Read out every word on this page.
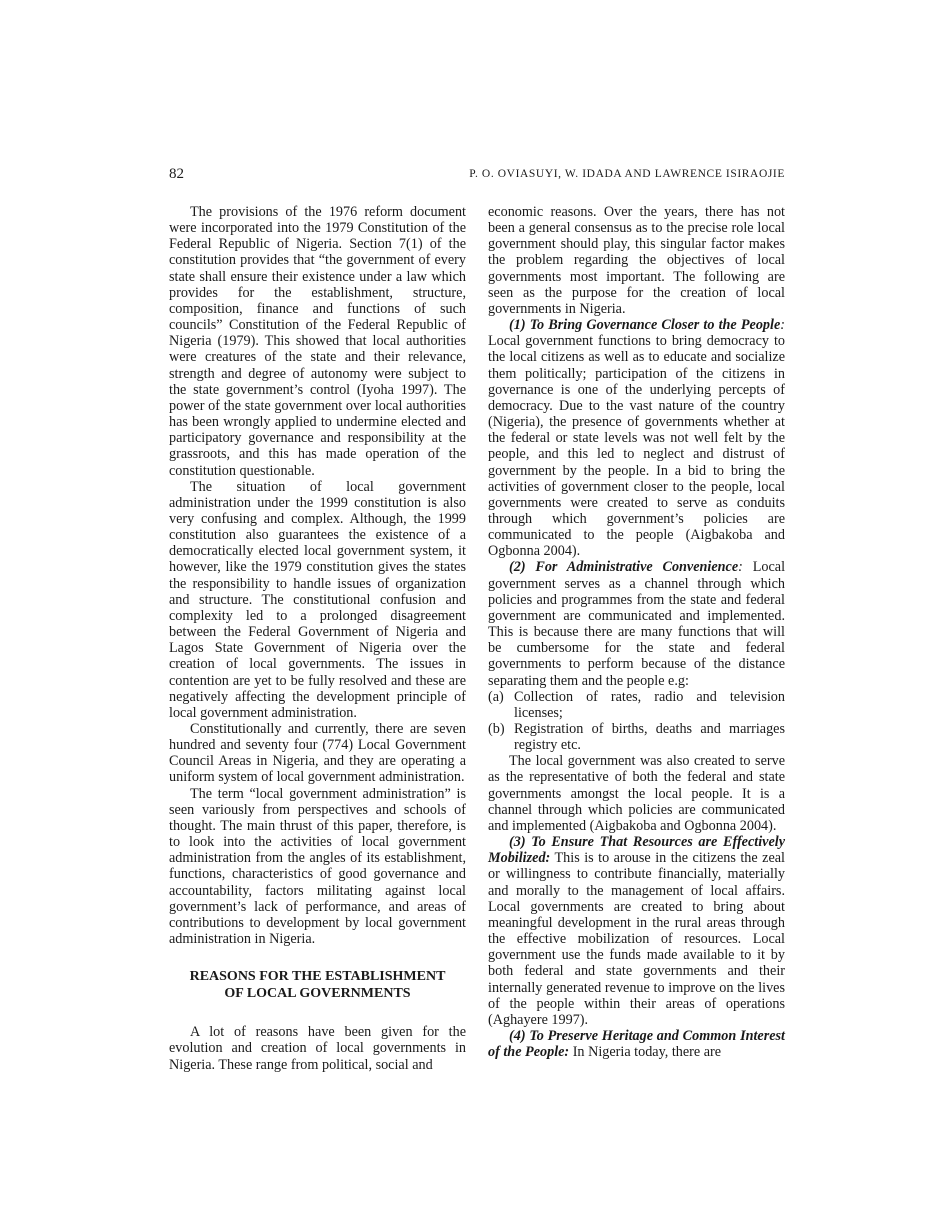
82	P. O. OVIASUYI, W. IDADA AND LAWRENCE ISIRAOJIE

The provisions of the 1976 reform document were incorporated into the 1979 Constitution of the Federal Republic of Nigeria. Section 7(1) of the constitution provides that “the government of every state shall ensure their existence under a law which provides for the establishment, structure, composition, finance and functions of such councils” Constitution of the Federal Republic of Nigeria (1979). This showed that local authorities were creatures of the state and their relevance, strength and degree of autonomy were subject to the state government’s control (Iyoha 1997). The power of the state government over local authorities has been wrongly applied to undermine elected and participatory governance and responsibility at the grassroots, and this has made operation of the constitution questionable.

The situation of local government administration under the 1999 constitution is also very confusing and complex. Although, the 1999 constitution also guarantees the existence of a democratically elected local government system, it however, like the 1979 constitution gives the states the responsibility to handle issues of organization and structure. The constitutional confusion and complexity led to a prolonged disagreement between the Federal Government of Nigeria and Lagos State Government of Nigeria over the creation of local governments. The issues in contention are yet to be fully resolved and these are negatively affecting the development principle of local government administration.

Constitutionally and currently, there are seven hundred and seventy four (774) Local Government Council Areas in Nigeria, and they are operating a uniform system of local government administration.

The term “local government administration” is seen variously from perspectives and schools of thought. The main thrust of this paper, therefore, is to look into the activities of local government administration from the angles of its establishment, functions, characteristics of good governance and accountability, factors militating against local government’s lack of performance, and areas of contributions to development by local government administration in Nigeria.

REASONS FOR THE ESTABLISHMENT
OF LOCAL GOVERNMENTS

A lot of reasons have been given for the evolution and creation of local governments in Nigeria. These range from political, social and

economic reasons. Over the years, there has not been a general consensus as to the precise role local government should play, this singular factor makes the problem regarding the objectives of local governments most important. The following are seen as the purpose for the creation of local governments in Nigeria.

(1) To Bring Governance Closer to the People: Local government functions to bring democracy to the local citizens as well as to educate and socialize them politically; participation of the citizens in governance is one of the underlying percepts of democracy. Due to the vast nature of the country (Nigeria), the presence of governments whether at the federal or state levels was not well felt by the people, and this led to neglect and distrust of government by the people. In a bid to bring the activities of government closer to the people, local governments were created to serve as conduits through which government’s policies are communicated to the people (Aigbakoba and Ogbonna 2004).

(2) For Administrative Convenience: Local government serves as a channel through which policies and programmes from the state and federal government are communicated and implemented. This is because there are many functions that will be cumbersome for the state and federal governments to perform because of the distance separating them and the people e.g:

(a) Collection of rates, radio and television licenses;
(b) Registration of births, deaths and marriages registry etc.

The local government was also created to serve as the representative of both the federal and state governments amongst the local people. It is a channel through which policies are communicated and implemented (Aigbakoba and Ogbonna 2004).

(3) To Ensure That Resources are Effectively Mobilized: This is to arouse in the citizens the zeal or willingness to contribute financially, materially and morally to the management of local affairs. Local governments are created to bring about meaningful development in the rural areas through the effective mobilization of resources. Local government use the funds made available to it by both federal and state governments and their internally generated revenue to improve on the lives of the people within their areas of operations (Aghayere 1997).

(4) To Preserve Heritage and Common Interest of the People: In Nigeria today, there are
